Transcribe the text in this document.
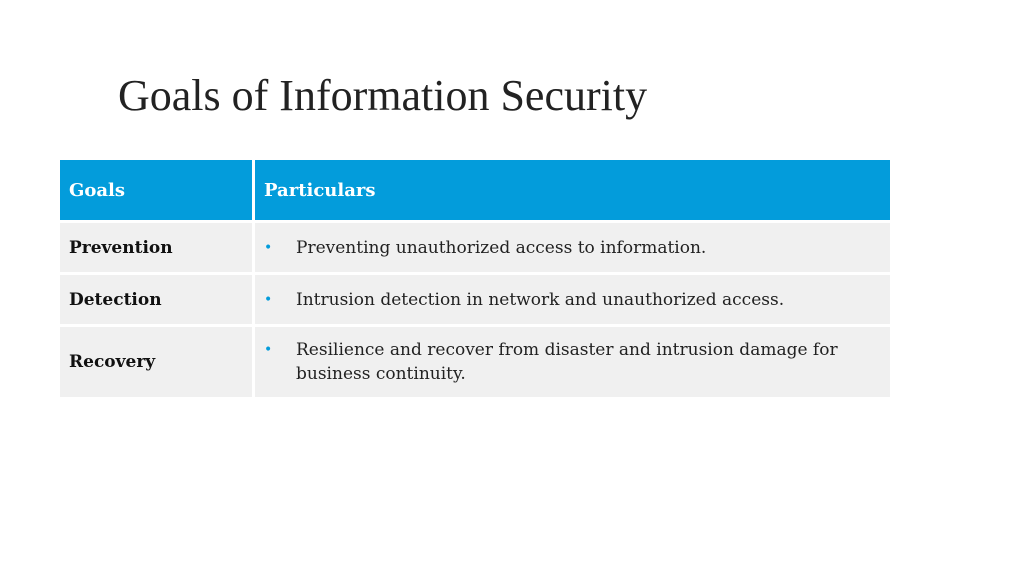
Goals of Information Security
Goals	Particulars
Prevention	• Preventing unauthorized access to information.

Detection	• Intrusion detection in network and unauthorized access.

Recovery	• Resilience and recover from disaster and intrusion damage for business continuity.
